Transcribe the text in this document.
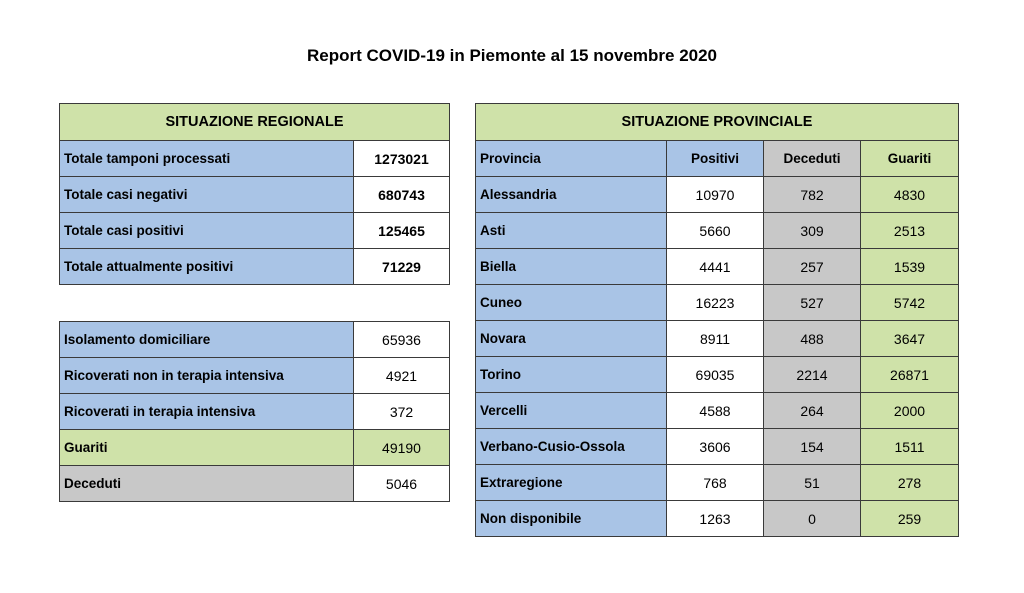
Report COVID-19 in Piemonte al 15 novembre 2020
SITUAZIONE REGIONALE	
Totale tamponi processati	1273021
Totale casi negativi	680743
Totale casi positivi	125465
Totale attualmente positivi	71229
Isolamento domiciliare	65936
Ricoverati non in terapia intensiva	4921
Ricoverati in terapia intensiva	372
Guariti	49190
Deceduti	5046
SITUAZIONE PROVINCIALE			
Provincia	Positivi	Deceduti	Guariti
Alessandria	10970	782	4830
Asti	5660	309	2513
Biella	4441	257	1539
Cuneo	16223	527	5742
Novara	8911	488	3647
Torino	69035	2214	26871
Vercelli	4588	264	2000
Verbano-Cusio-Ossola	3606	154	1511
Extraregione	768	51	278
Non disponibile	1263	0	259
